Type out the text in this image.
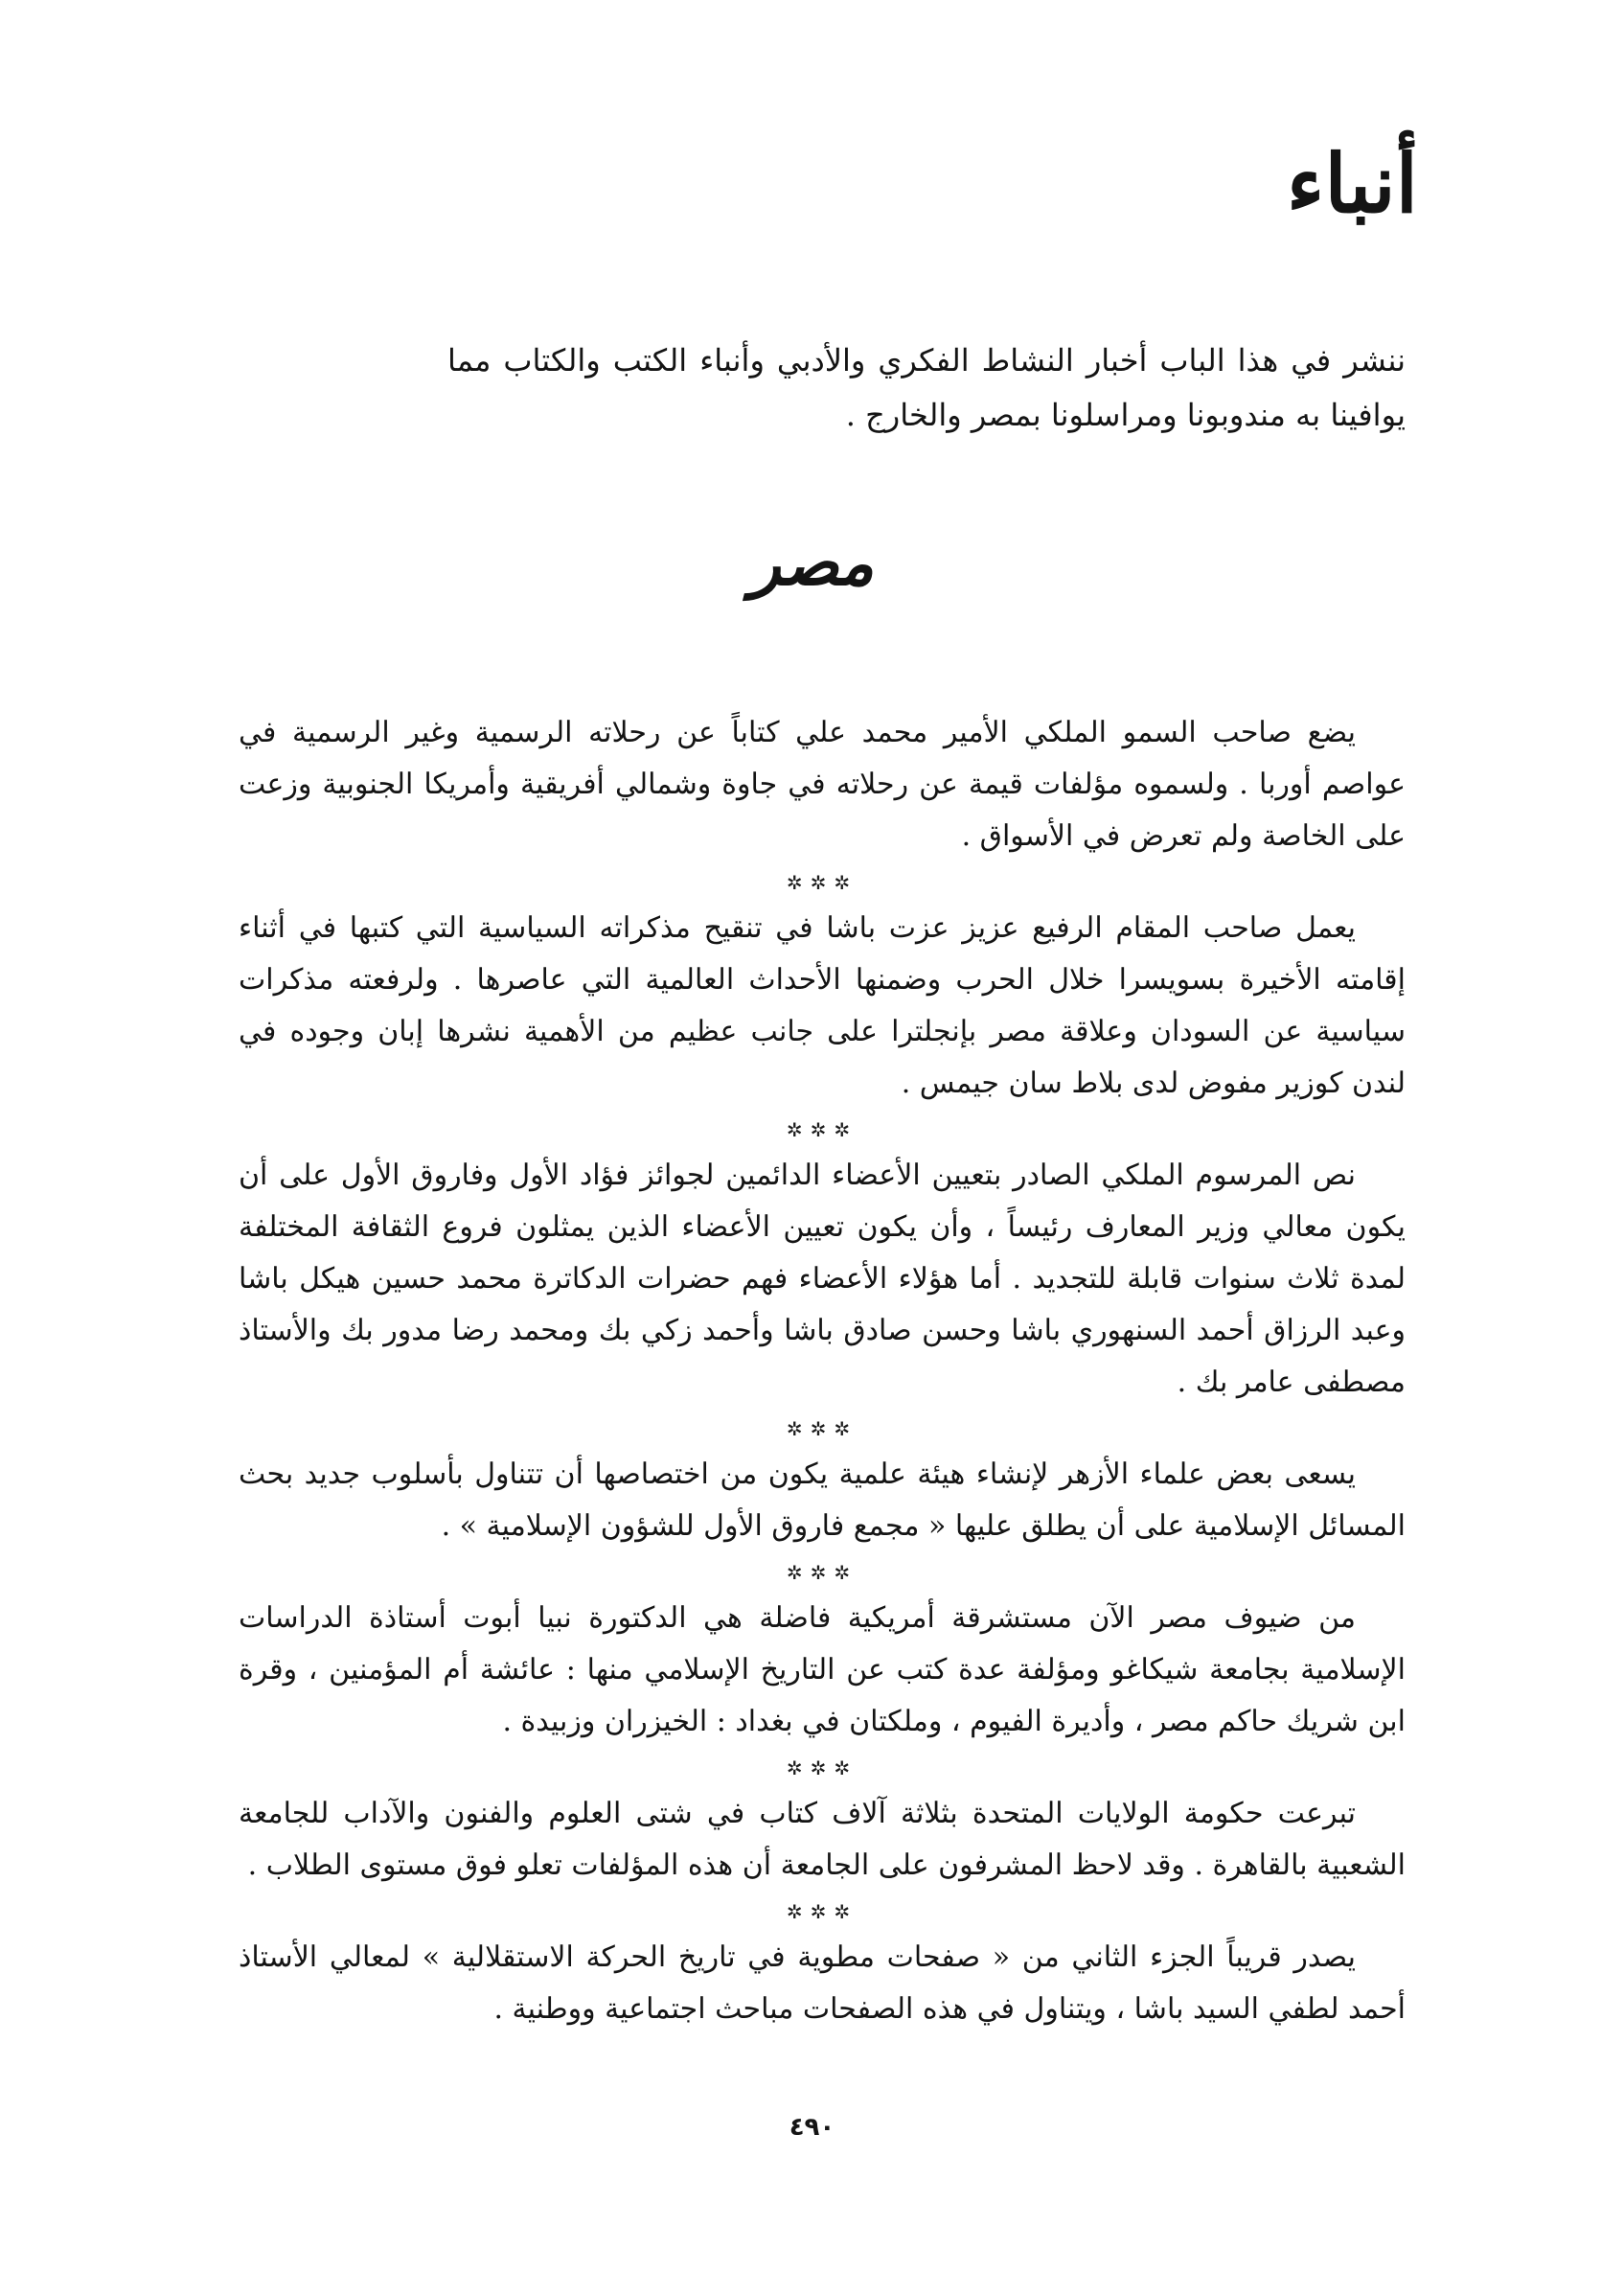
أنباء

ننشر في هذا الباب أخبار النشاط الفكري والأدبي وأنباء الكتب والكتاب مما يوافينا به مندوبونا ومراسلونا بمصر والخارج .

مصر
يضع صاحب السمو الملكي الأمير محمد علي كتاباً عن رحلاته الرسمية وغير الرسمية في عواصم أوربا . ولسموه مؤلفات قيمة عن رحلاته في جاوة وشمالي أفريقية وأمريكا الجنوبية وزعت على الخاصة ولم تعرض في الأسواق .
✲✲✲
يعمل صاحب المقام الرفيع عزيز عزت باشا في تنقيح مذكراته السياسية التي كتبها في أثناء إقامته الأخيرة بسويسرا خلال الحرب وضمنها الأحداث العالمية التي عاصرها . ولرفعته مذكرات سياسية عن السودان وعلاقة مصر بإنجلترا على جانب عظيم من الأهمية نشرها إبان وجوده في لندن كوزير مفوض لدى بلاط سان جيمس .
✲✲✲
نص المرسوم الملكي الصادر بتعيين الأعضاء الدائمين لجوائز فؤاد الأول وفاروق الأول على أن يكون معالي وزير المعارف رئيساً ، وأن يكون تعيين الأعضاء الذين يمثلون فروع الثقافة المختلفة لمدة ثلاث سنوات قابلة للتجديد . أما هؤلاء الأعضاء فهم حضرات الدكاترة محمد حسين هيكل باشا وعبد الرزاق أحمد السنهوري باشا وحسن صادق باشا وأحمد زكي بك ومحمد رضا مدور بك والأستاذ مصطفى عامر بك .
✲✲✲
يسعى بعض علماء الأزهر لإنشاء هيئة علمية يكون من اختصاصها أن تتناول بأسلوب جديد بحث المسائل الإسلامية على أن يطلق عليها « مجمع فاروق الأول للشؤون الإسلامية » .
✲✲✲
من ضيوف مصر الآن مستشرقة أمريكية فاضلة هي الدكتورة نبيا أبوت أستاذة الدراسات الإسلامية بجامعة شيكاغو ومؤلفة عدة كتب عن التاريخ الإسلامي منها : عائشة أم المؤمنين ، وقرة ابن شريك حاكم مصر ، وأديرة الفيوم ، وملكتان في بغداد : الخيزران وزبيدة .
✲✲✲
تبرعت حكومة الولايات المتحدة بثلاثة آلاف كتاب في شتى العلوم والفنون والآداب للجامعة الشعبية بالقاهرة . وقد لاحظ المشرفون على الجامعة أن هذه المؤلفات تعلو فوق مستوى الطلاب .
✲✲✲
يصدر قريباً الجزء الثاني من « صفحات مطوية في تاريخ الحركة الاستقلالية » لمعالي الأستاذ أحمد لطفي السيد باشا ، ويتناول في هذه الصفحات مباحث اجتماعية ووطنية .
٤٩٠
